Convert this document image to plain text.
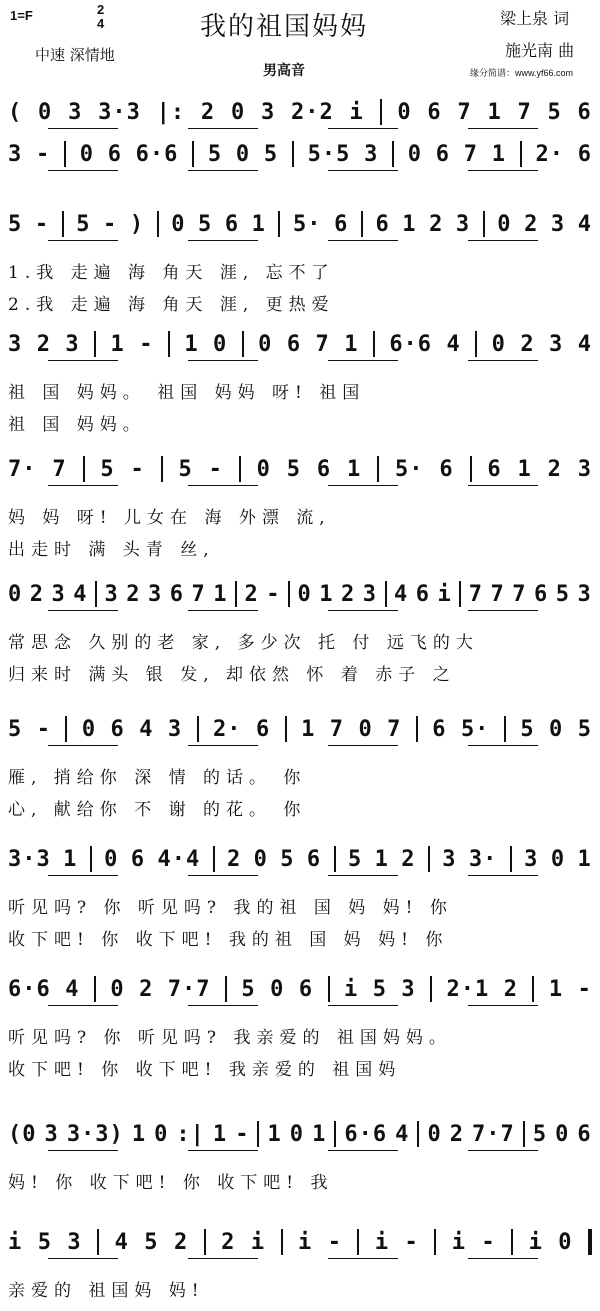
1=F	2
4
中速 深情地
我的祖国妈妈
男高音
梁上泉 词
施光南 曲
缘分简谱：www.yf66.com
( 0 3 3·3 |: 2 0 3 2·2 i 0 6 7 1 7 5 6
3 - 0 6 6·6 5 0 5 5·5 3 0 6 7 1 2· 6
5 - 5 - ) 0 5 6 1 5· 6 6 1 2 3 0 2 3 4
1.我 走遍 海 角天 涯, 忘不了
2.我 走遍 海 角天 涯, 更热爱
3 2 3 1 - 1 0 0 6 7 1 6·6 4 0 2 3 4
祖 国 妈妈。 祖国 妈妈 呀! 祖国
祖 国 妈妈。
7· 7 5 - 5 - 0 5 6 1 5· 6 6 1 2 3
妈 妈 呀! 儿女在 海 外漂 流,
出走时 满 头青 丝,
0 2 3 4 3 2 3 6 7 1 2 - 0 1 2 3 4 6 i 7 7 7 6 5 3
常思念 久别的老 家, 多少次 托 付 远飞的大
归来时 满头 银 发, 却依然 怀 着 赤子 之
5 - 0 6 4 3 2· 6 1 7 0 7 6 5· 5 0 5
雁, 捎给你 深 情 的话。 你
心, 献给你 不 谢 的花。 你
3·3 1 0 6 4·4 2 0 5 6 5 1 2 3 3· 3 0 1
听见吗? 你 听见吗? 我的祖 国 妈 妈! 你
收下吧! 你 收下吧! 我的祖 国 妈 妈! 你
6·6 4 0 2 7·7 5 0 6 i 5 3 2·1 2 1 -
听见吗? 你 听见吗? 我亲爱的 祖国妈妈。
收下吧! 你 收下吧! 我亲爱的 祖国妈
(0 3 3·3) 1 0 :| 1 - 1 0 1 6·6 4 0 2 7·7 5 0 6
妈! 你 收下吧! 你 收下吧! 我
i 5 3 4 5 2 2 i i - i - i - i 0
亲爱的 祖国妈 妈!
